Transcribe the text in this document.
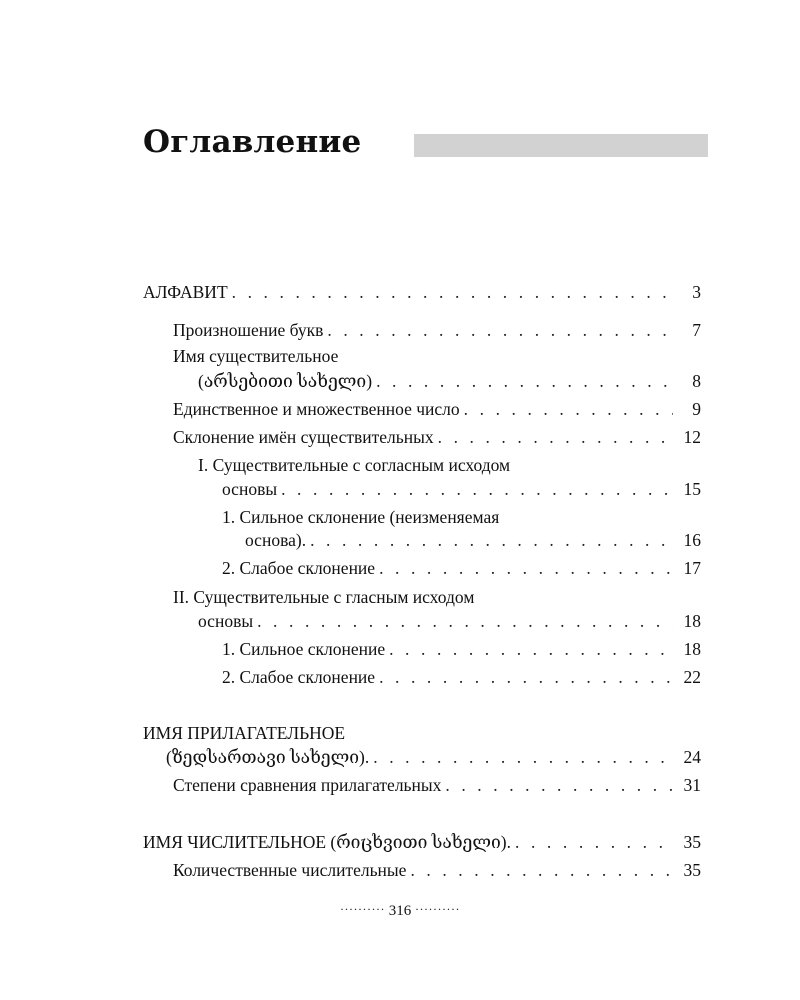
Оглавление
АЛФАВИТ . . .	3
Произношение букв . . .	7
Имя существительное
(არსებითი სახელი) . . .	8
Единственное и множественное число . . .	9
Склонение имён существительных . . .	12
I. Существительные с согласным исходом
основы . . .	15
1. Сильное склонение (неизменяемая
основа). . . .	16
2. Слабое склонение . . .	17
II. Существительные с гласным исходом
основы . . .	18
1. Сильное склонение . . .	18
2. Слабое склонение . . .	22
ИМЯ ПРИЛАГАТЕЛЬНОЕ
(ზედსართავი სახელი). . . .	24
Степени сравнения прилагательных . . .	31
ИМЯ ЧИСЛИТЕЛЬНОЕ (რიცხვითი სახელი). . . .	35
Количественные числительные . . .	35
·········· 316 ··········
